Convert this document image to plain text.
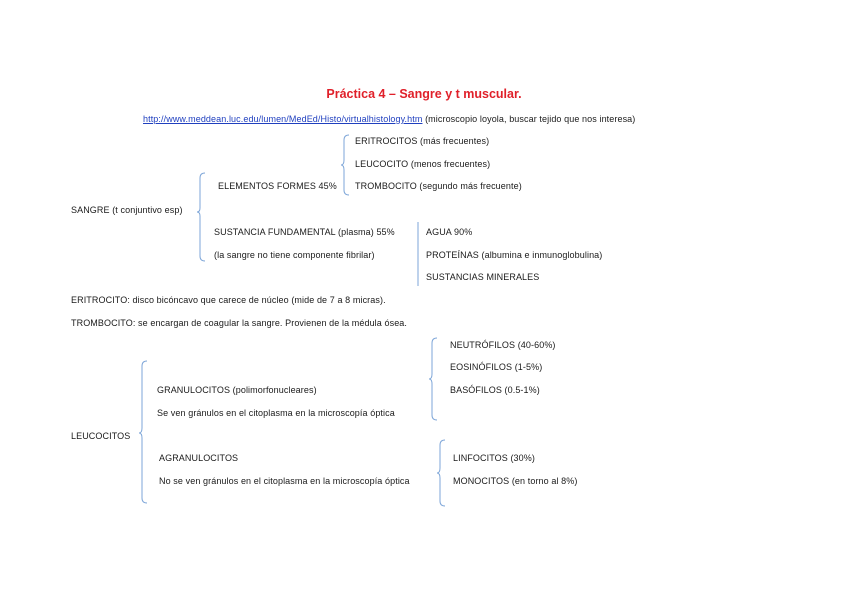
Práctica 4 – Sangre y t muscular.
http://www.meddean.luc.edu/lumen/MedEd/Histo/virtualhistology.htm (microscopio loyola, buscar tejido que nos interesa)
SANGRE (t conjuntivo esp)
ELEMENTOS FORMES 45%
ERITROCITOS (más frecuentes)
LEUCOCITO (menos frecuentes)
TROMBOCITO (segundo más frecuente)
SUSTANCIA FUNDAMENTAL (plasma) 55%
(la sangre no tiene componente fibrilar)
AGUA 90%
PROTEÍNAS (albumina e inmunoglobulina)
SUSTANCIAS MINERALES
ERITROCITO: disco bicóncavo que carece de núcleo (mide de 7 a 8 micras).
TROMBOCITO: se encargan de coagular la sangre. Provienen de la médula ósea.
LEUCOCITOS
GRANULOCITOS (polimorfonucleares)
Se ven gránulos en el citoplasma en la microscopía óptica
NEUTRÓFILOS (40-60%)
EOSINÓFILOS (1-5%)
BASÓFILOS (0.5-1%)
AGRANULOCITOS
No se ven gránulos en el citoplasma en la microscopía óptica
LINFOCITOS (30%)
MONOCITOS (en torno al 8%)
